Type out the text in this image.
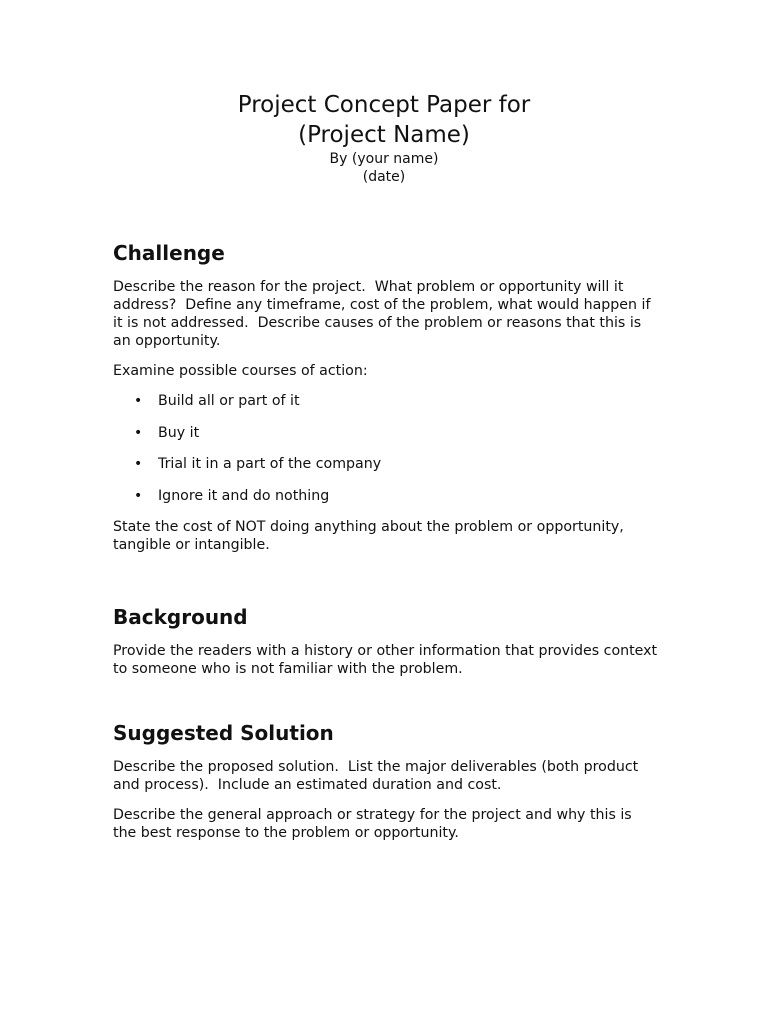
Project Concept Paper for
(Project Name)
By (your name)
(date)
Challenge

Describe the reason for the project.  What problem or opportunity will it address?  Define any timeframe, cost of the problem, what would happen if it is not addressed.  Describe causes of the problem or reasons that this is an opportunity.

Examine possible courses of action:

• Build all or part of it
• Buy it
• Trial it in a part of the company
• Ignore it and do nothing

State the cost of NOT doing anything about the problem or opportunity, tangible or intangible.

Background

Provide the readers with a history or other information that provides context to someone who is not familiar with the problem.

Suggested Solution

Describe the proposed solution.  List the major deliverables (both product and process).  Include an estimated duration and cost.

Describe the general approach or strategy for the project and why this is the best response to the problem or opportunity.
